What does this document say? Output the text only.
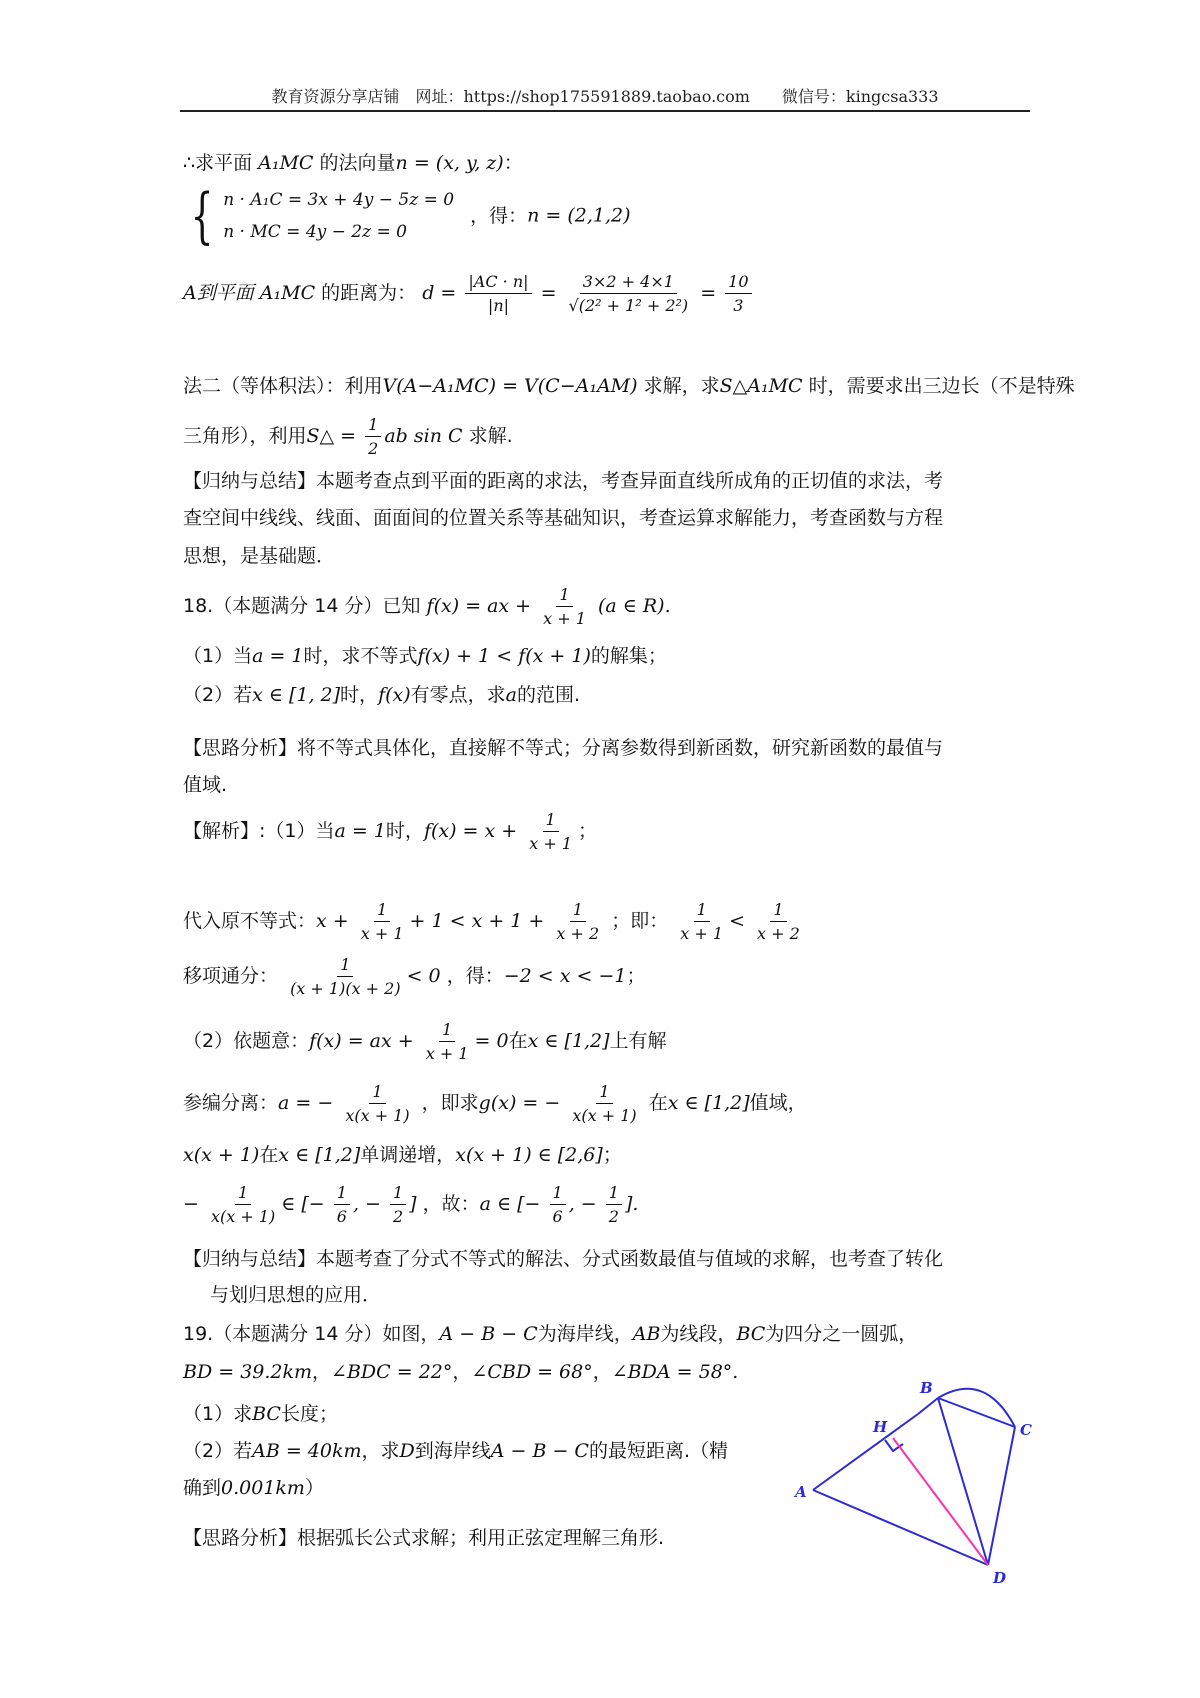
教育资源分享店铺　网址：https://shop175591889.taobao.com　　微信号：kingcsa333
∴求平面 A₁MC 的法向量n = (x, y, z)：
{ n · A₁C = 3x + 4y − 5z = 0
n · MC = 4y − 2z = 0
，得：n = (2,1,2)
A到平面 A₁MC 的距离为： $d = \frac{|AC \cdot n|}{|n|} = \frac{3\times 2 + 4\times 1}{\text{√(2² + 1² + 2²)}} = \frac{10}{3}$
法二（等体积法）：利用V(A−A₁MC) = V(C−A₁AM) 求解，求S△A₁MC 时，需要求出三边长（不是特殊
三角形），利用S△ = $\frac{1}{2}$ ab sin C 求解.
【归纳与总结】本题考查点到平面的距离的求法，考查异面直线所成角的正切值的求法，考
查空间中线线、线面、面面间的位置关系等基础知识，考查运算求解能力，考查函数与方程
思想，是基础题．
18.（本题满分 14 分）已知 f(x) = ax + $\frac{1}{x + 1} (a$ ∈ R).
（1）当a = 1时，求不等式f(x) + 1 < f(x + 1)的解集；
（2）若x ∈ [1, 2]时，f(x)有零点，求a的范围.
【思路分析】将不等式具体化，直接解不等式；分离参数得到新函数，研究新函数的最值与
值域.
【解析】:（1）当a = 1时，$f(x) = x + \frac{1}{x + 1}$ ；
代入原不等式：$x + \frac{1}{x + 1} + 1 < x + 1 + \frac{1}{x + 2}$ ；即： $\frac{1}{x + 1} < \frac{1}{x + 2}$
移项通分： $\frac{1}{(x + 1)(x + 2)} < 0$ ，得：−2 < x < −1；
（2）依题意：f(x) = ax + $\frac{1}{x + 1} = 0$在x ∈ [1,2]上有解
参编分离：a = − $\frac{1}{x(x + 1)}$ ，即求g(x) = − $\frac{1}{x(x + 1)}$ 在x ∈ [1,2]值域，
x(x + 1)在x ∈ [1,2]单调递增，x(x + 1) ∈ [2,6]；
− $\frac{1}{x(x + 1)}$ ∈ [− $\frac{1}{6}$ , − $\frac{1}{2}$ ] ，故：a ∈ [− $\frac{1}{6}$ , − $\frac{1}{2}$ ].
【归纳与总结】本题考查了分式不等式的解法、分式函数最值与值域的求解，也考查了转化
与划归思想的应用．
19.（本题满分 14 分）如图，A − B − C为海岸线，AB为线段，BC为四分之一圆弧，
BD = 39.2km，∠BDC = 22°，∠CBD = 68°，∠BDA = 58°.
（1）求BC长度；
（2）若AB = 40km，求D到海岸线A − B − C的最短距离.（精
确到0.001km）
【思路分析】根据弧长公式求解；利用正弦定理解三角形.
A
B
C
D
H
